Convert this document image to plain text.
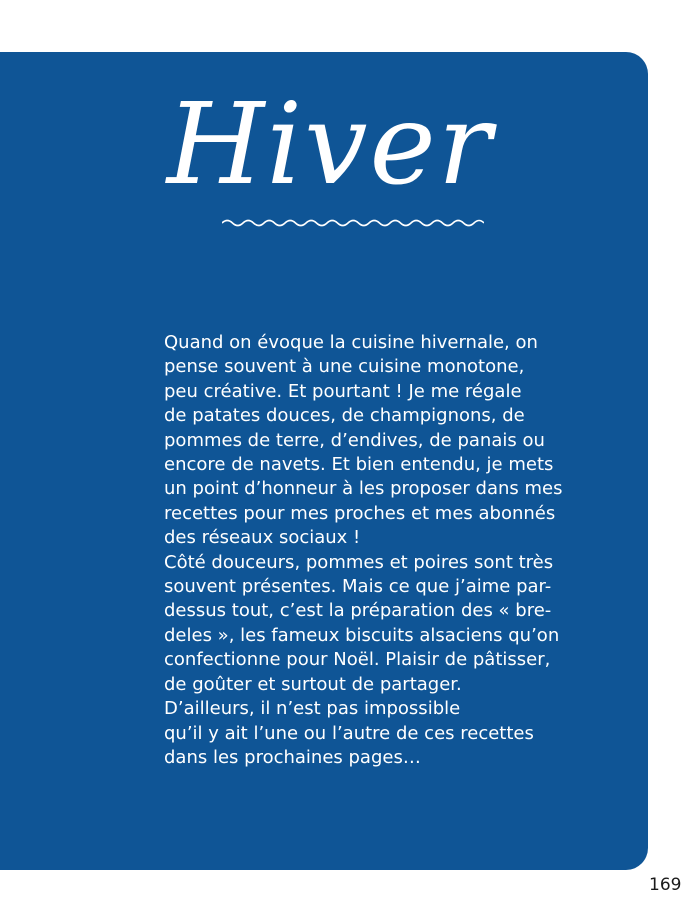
Hiver

Quand on évoque la cuisine hivernale, on
pense souvent à une cuisine monotone,
peu créative. Et pourtant ! Je me régale
de patates douces, de champignons, de
pommes de terre, d’endives, de panais ou
encore de navets. Et bien entendu, je mets
un point d’honneur à les proposer dans mes
recettes pour mes proches et mes abonnés
des réseaux sociaux !
Côté douceurs, pommes et poires sont très
souvent présentes. Mais ce que j’aime par-
dessus tout, c’est la préparation des « bre-
deles », les fameux biscuits alsaciens qu’on
confectionne pour Noël. Plaisir de pâtisser,
de goûter et surtout de partager.
D’ailleurs, il n’est pas impossible
qu’il y ait l’une ou l’autre de ces recettes
dans les prochaines pages…

169
